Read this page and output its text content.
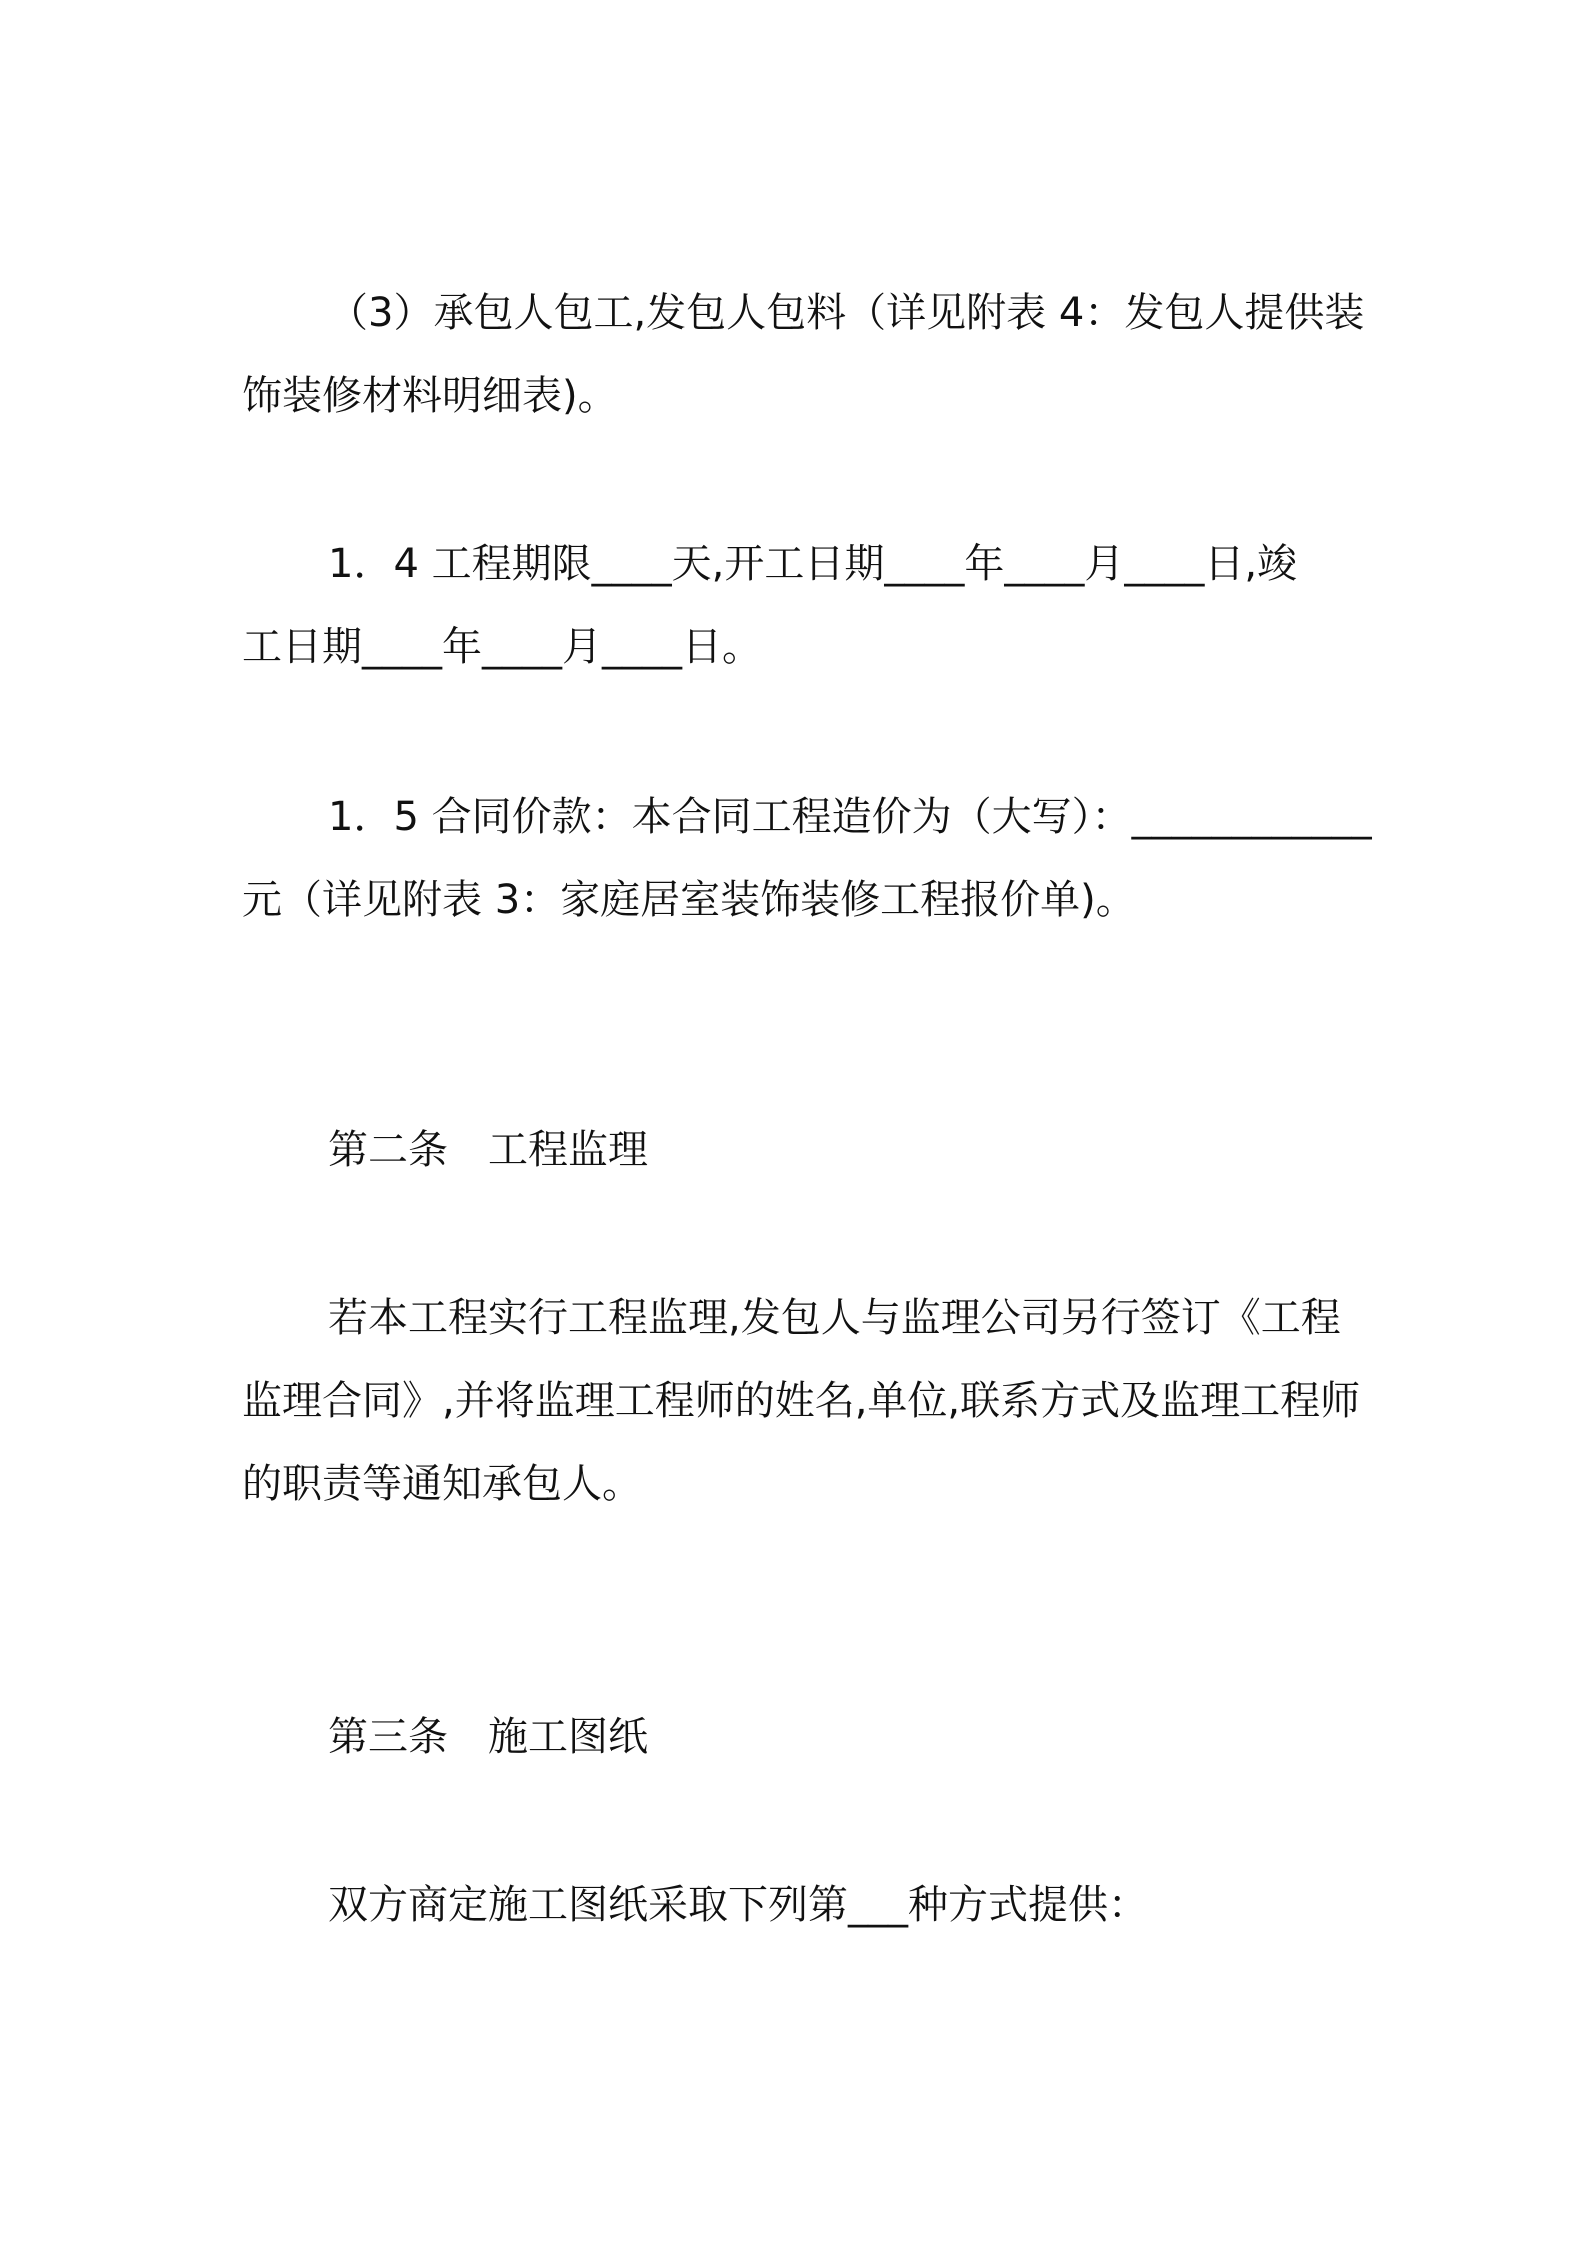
（3）承包人包工,发包人包料（详见附表 4：发包人提供装
饰装修材料明细表)。
1．4 工程期限____天,开工日期____年____月____日,竣
工日期____年____月____日。
1．5 合同价款：本合同工程造价为（大写）：____________
元（详见附表 3：家庭居室装饰装修工程报价单)。
第二条　工程监理
若本工程实行工程监理,发包人与监理公司另行签订《工程
监理合同》,并将监理工程师的姓名,单位,联系方式及监理工程师
的职责等通知承包人。
第三条　施工图纸
双方商定施工图纸采取下列第___种方式提供：
